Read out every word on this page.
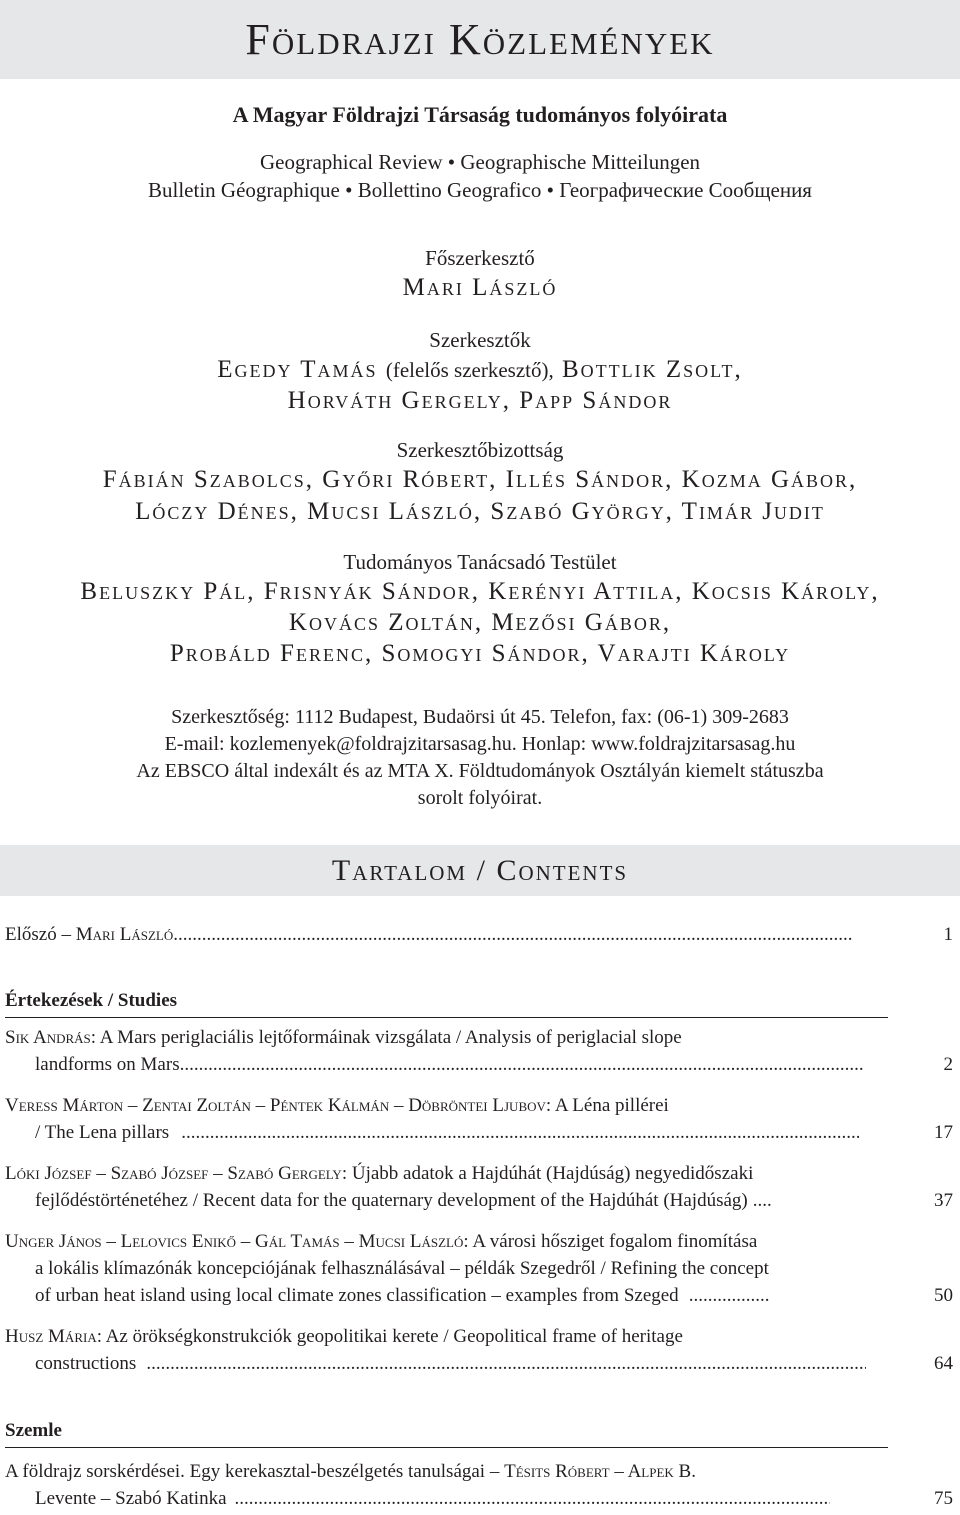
Földrajzi Közlemények
A Magyar Földrajzi Társaság tudományos folyóirata
Geographical Review • Geographische Mitteilungen
Bulletin Géographique • Bollettino Geografico • Географические Сообщения
Főszerkesztő
Mari László
Szerkesztők
Egedy Tamás (felelős szerkesztő), Bottlik Zsolt,
Horváth Gergely, Papp Sándor
Szerkesztőbizottság
Fábián Szabolcs, Győri Róbert, Illés Sándor, Kozma Gábor,
Lóczy Dénes, Mucsi László, Szabó György, Timár Judit
Tudományos Tanácsadó Testület
Beluszky Pál, Frisnyák Sándor, Kerényi Attila, Kocsis Károly,
Kovács Zoltán, Mezősi Gábor,
Probáld Ferenc, Somogyi Sándor, Varajti Károly
Szerkesztőség: 1112 Budapest, Budaörsi út 45. Telefon, fax: (06-1) 309-2683
E-mail: kozlemenyek@foldrajzitarsasag.hu. Honlap: www.foldrajzitarsasag.hu
Az EBSCO által indexált és az MTA X. Földtudományok Osztályán kiemelt státuszba
sorolt folyóirat.
Tartalom / Contents
Előszó – Mari László .....	1
Értekezések / Studies
Sik András: A Mars periglaciális lejtőformáinak vizsgálata / Analysis of periglacial slope
landforms on Mars .....	2
Veress Márton – Zentai Zoltán – Péntek Kálmán – Döbröntei Ljubov: A Léna pillérei
/ The Lena pillars .....	17
Lóki József – Szabó József – Szabó Gergely: Újabb adatok a Hajdúhát (Hajdúság) negyedidőszaki
fejlődéstörténetéhez / Recent data for the quaternary development of the Hajdúhát (Hajdúság) .....	37
Unger János – Lelovics Enikő – Gál Tamás – Mucsi László: A városi hősziget fogalom finomítása
a lokális klímazónák koncepciójának felhasználásával – példák Szegedről / Refining the concept
of urban heat island using local climate zones classification – examples from Szeged .....	50
Husz Mária: Az örökségkonstrukciók geopolitikai kerete / Geopolitical frame of heritage
constructions .....	64
Szemle
A földrajz sorskérdései. Egy kerekasztal-beszélgetés tanulságai – Tésits Róbert – Alpek B.
Levente – Szabó Katinka .....	75
